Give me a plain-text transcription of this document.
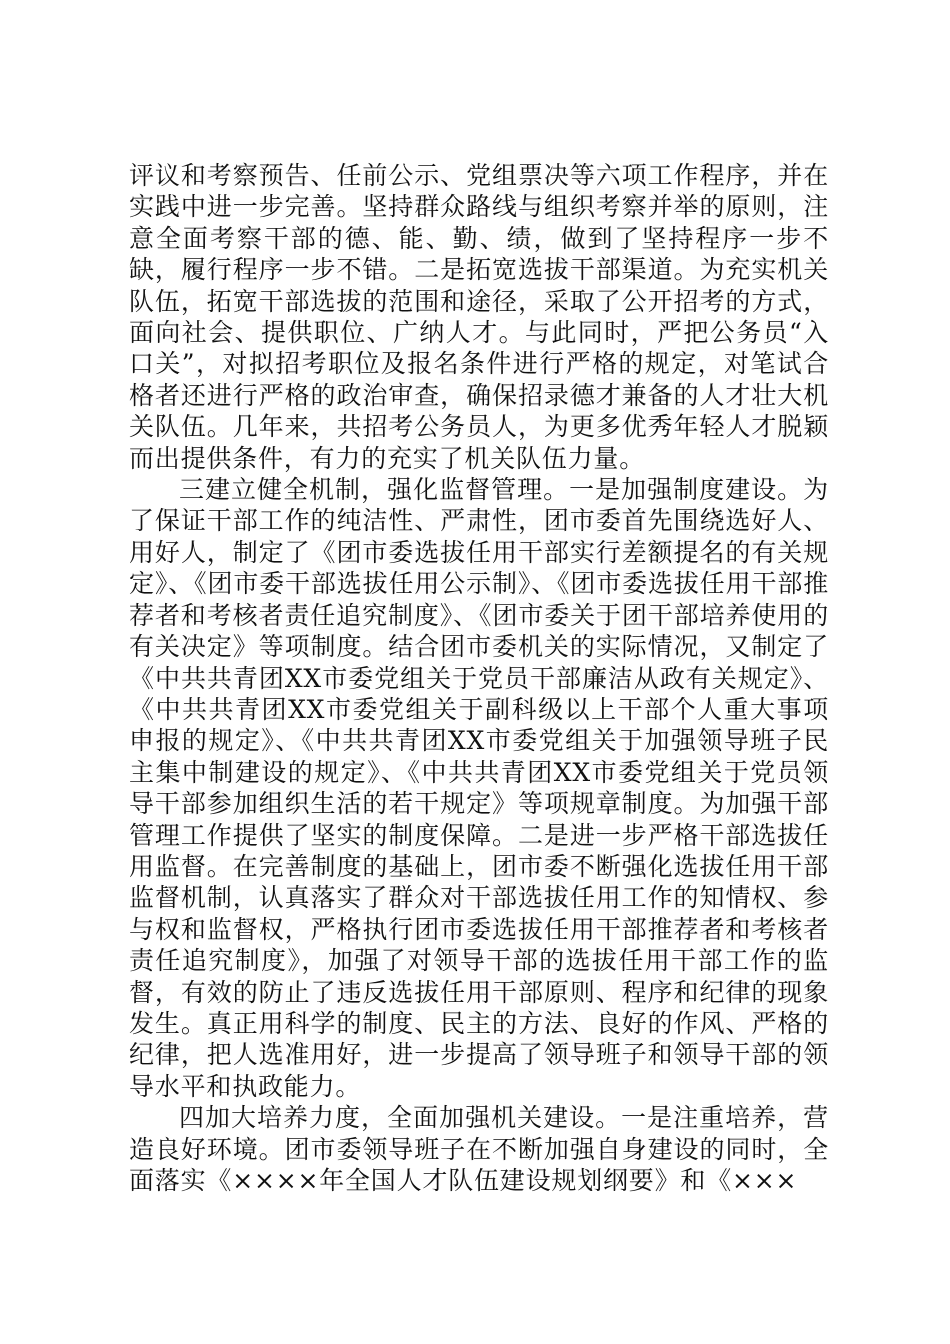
评议和考察预告、任前公示、党组票决等六项工作程序，并在实践中进一步完善。坚持群众路线与组织考察并举的原则，注意全面考察干部的德、能、勤、绩，做到了坚持程序一步不缺，履行程序一步不错。二是拓宽选拔干部渠道。为充实机关队伍，拓宽干部选拔的范围和途径，采取了公开招考的方式，面向社会、提供职位、广纳人才。与此同时，严把公务员“入口关”，对拟招考职位及报名条件进行严格的规定，对笔试合格者还进行严格的政治审查，确保招录德才兼备的人才壮大机关队伍。几年来，共招考公务员人，为更多优秀年轻人才脱颖而出提供条件，有力的充实了机关队伍力量。

三建立健全机制，强化监督管理。一是加强制度建设。为了保证干部工作的纯洁性、严肃性，团市委首先围绕选好人、用好人，制定了《团市委选拔任用干部实行差额提名的有关规定》、《团市委干部选拔任用公示制》、《团市委选拔任用干部推荐者和考核者责任追究制度》、《团市委关于团干部培养使用的有关决定》等项制度。结合团市委机关的实际情况，又制定了《中共共青团XX市委党组关于党员干部廉洁从政有关规定》、《中共共青团XX市委党组关于副科级以上干部个人重大事项申报的规定》、《中共共青团XX市委党组关于加强领导班子民主集中制建设的规定》、《中共共青团XX市委党组关于党员领导干部参加组织生活的若干规定》等项规章制度。为加强干部管理工作提供了坚实的制度保障。二是进一步严格干部选拔任用监督。在完善制度的基础上，团市委不断强化选拔任用干部监督机制，认真落实了群众对干部选拔任用工作的知情权、参与权和监督权，严格执行团市委选拔任用干部推荐者和考核者责任追究制度》，加强了对领导干部的选拔任用干部工作的监督，有效的防止了违反选拔任用干部原则、程序和纪律的现象发生。真正用科学的制度、民主的方法、良好的作风、严格的纪律，把人选准用好，进一步提高了领导班子和领导干部的领导水平和执政能力。

四加大培养力度，全面加强机关建设。一是注重培养，营造良好环境。团市委领导班子在不断加强自身建设的同时，全面落实《××××年全国人才队伍建设规划纲要》和《×××
